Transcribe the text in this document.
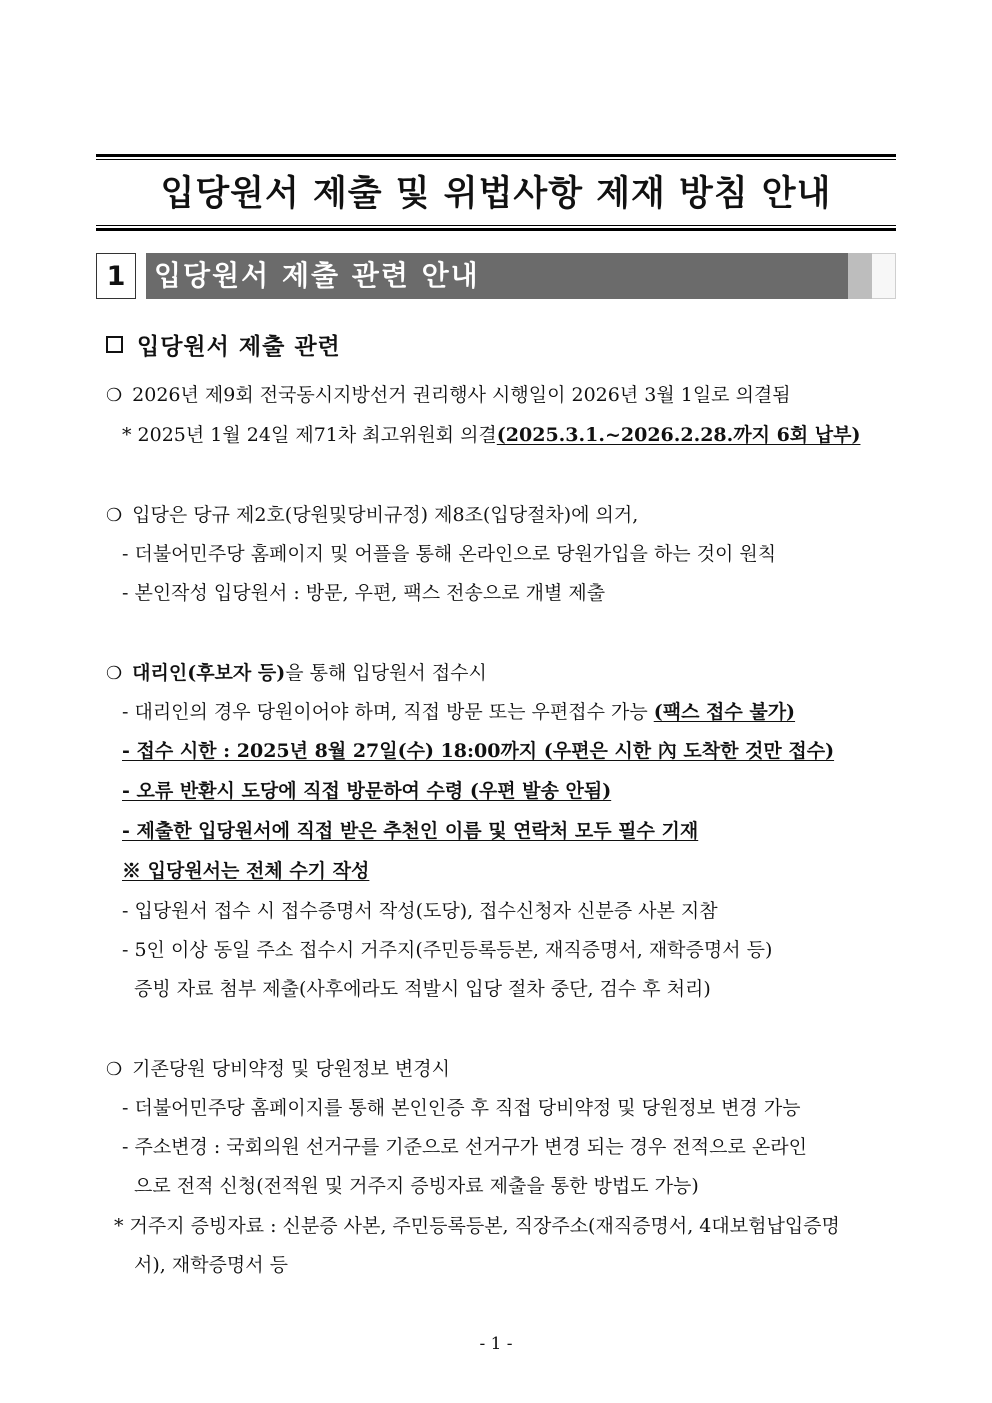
입당원서 제출 및 위법사항 제재 방침 안내
1	입당원서 제출 관련 안내
입당원서 제출 관련
❍ 2026년 제9회 전국동시지방선거 권리행사 시행일이 2026년 3월 1일로 의결됨
* 2025년 1월 24일 제71차 최고위원회 의결(2025.3.1.~2026.2.28.까지 6회 납부)
❍ 입당은 당규 제2호(당원및당비규정) 제8조(입당절차)에 의거,
- 더불어민주당 홈페이지 및 어플을 통해 온라인으로 당원가입을 하는 것이 원칙
- 본인작성 입당원서 : 방문, 우편, 팩스 전송으로 개별 제출
❍ 대리인(후보자 등)을 통해 입당원서 접수시
- 대리인의 경우 당원이어야 하며, 직접 방문 또는 우편접수 가능 (팩스 접수 불가)
- 접수 시한 : 2025년 8월 27일(수) 18:00까지 (우편은 시한 內 도착한 것만 접수)
- 오류 반환시 도당에 직접 방문하여 수령 (우편 발송 안됨)
- 제출한 입당원서에 직접 받은 추천인 이름 및 연락처 모두 필수 기재
※ 입당원서는 전체 수기 작성
- 입당원서 접수 시 접수증명서 작성(도당), 접수신청자 신분증 사본 지참
- 5인 이상 동일 주소 접수시 거주지(주민등록등본, 재직증명서, 재학증명서 등)
증빙 자료 첨부 제출(사후에라도 적발시 입당 절차 중단, 검수 후 처리)
❍ 기존당원 당비약정 및 당원정보 변경시
- 더불어민주당 홈페이지를 통해 본인인증 후 직접 당비약정 및 당원정보 변경 가능
- 주소변경 : 국회의원 선거구를 기준으로 선거구가 변경 되는 경우 전적으로 온라인
으로 전적 신청(전적원 및 거주지 증빙자료 제출을 통한 방법도 가능)
* 거주지 증빙자료 : 신분증 사본, 주민등록등본, 직장주소(재직증명서, 4대보험납입증명
서), 재학증명서 등
- 1 -
